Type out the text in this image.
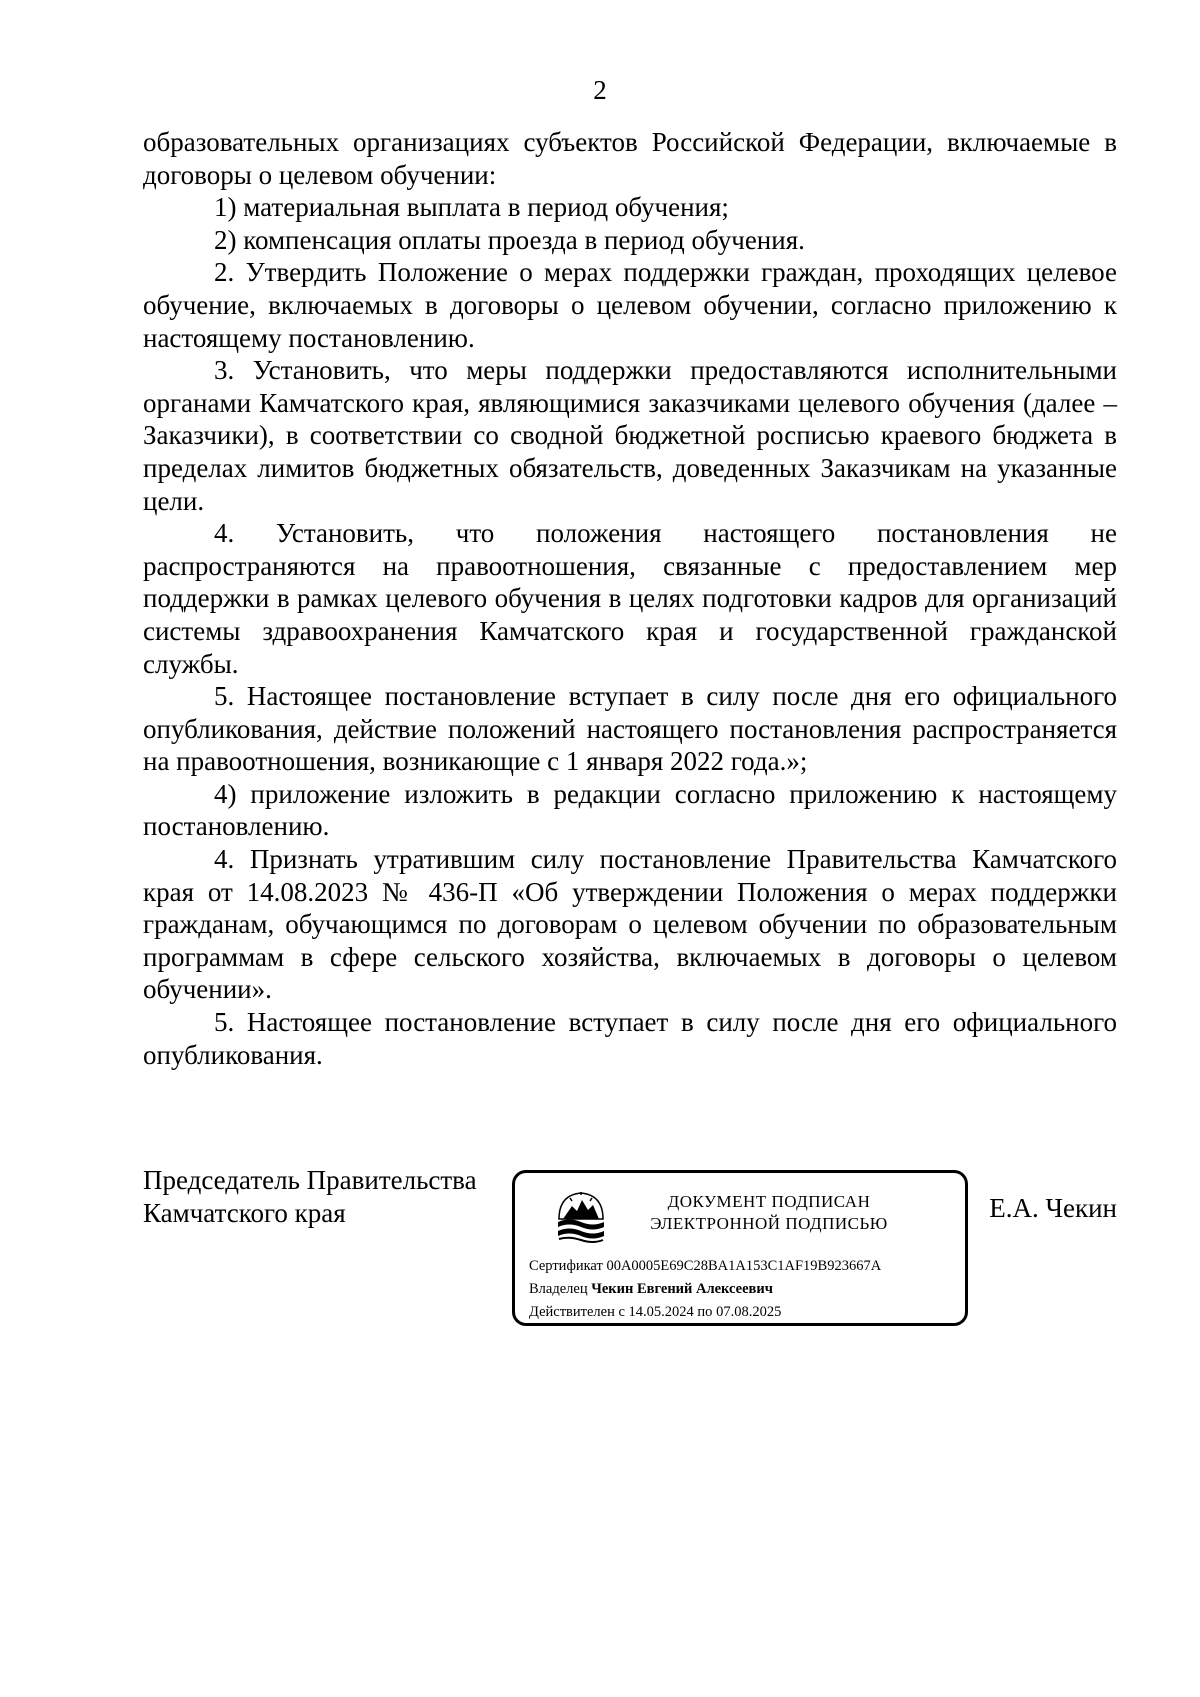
2

образовательных организациях субъектов Российской Федерации, включаемые в договоры о целевом обучении:

1) материальная выплата в период обучения;

2) компенсация оплаты проезда в период обучения.

2. Утвердить Положение о мерах поддержки граждан, проходящих целевое обучение, включаемых в договоры о целевом обучении, согласно приложению к настоящему постановлению.

3. Установить, что меры поддержки предоставляются исполнительными органами Камчатского края, являющимися заказчиками целевого обучения (далее – Заказчики), в соответствии со сводной бюджетной росписью краевого бюджета в пределах лимитов бюджетных обязательств, доведенных Заказчикам на указанные цели.

4. Установить, что положения настоящего постановления не распространяются на правоотношения, связанные с предоставлением мер поддержки в рамках целевого обучения в целях подготовки кадров для организаций системы здравоохранения Камчатского края и государственной гражданской службы.

5. Настоящее постановление вступает в силу после дня его официального опубликования, действие положений настоящего постановления распространяется на правоотношения, возникающие с 1 января 2022 года.»;

4) приложение изложить в редакции согласно приложению к настоящему постановлению.

4. Признать утратившим силу постановление Правительства Камчатского края от 14.08.2023 № 436-П «Об утверждении Положения о мерах поддержки гражданам, обучающимся по договорам о целевом обучении по образовательным программам в сфере сельского хозяйства, включаемых в договоры о целевом обучении».

5. Настоящее постановление вступает в силу после дня его официального опубликования.

Председатель Правительства
Камчатского края	ДОКУМЕНТ ПОДПИСАН
ЭЛЕКТРОННОЙ ПОДПИСЬЮ
Сертификат 00A0005E69C28BA1A153C1AF19B923667A
Владелец Чекин Евгений Алексеевич
Действителен с 14.05.2024 по 07.08.2025
Е.А. Чекин
